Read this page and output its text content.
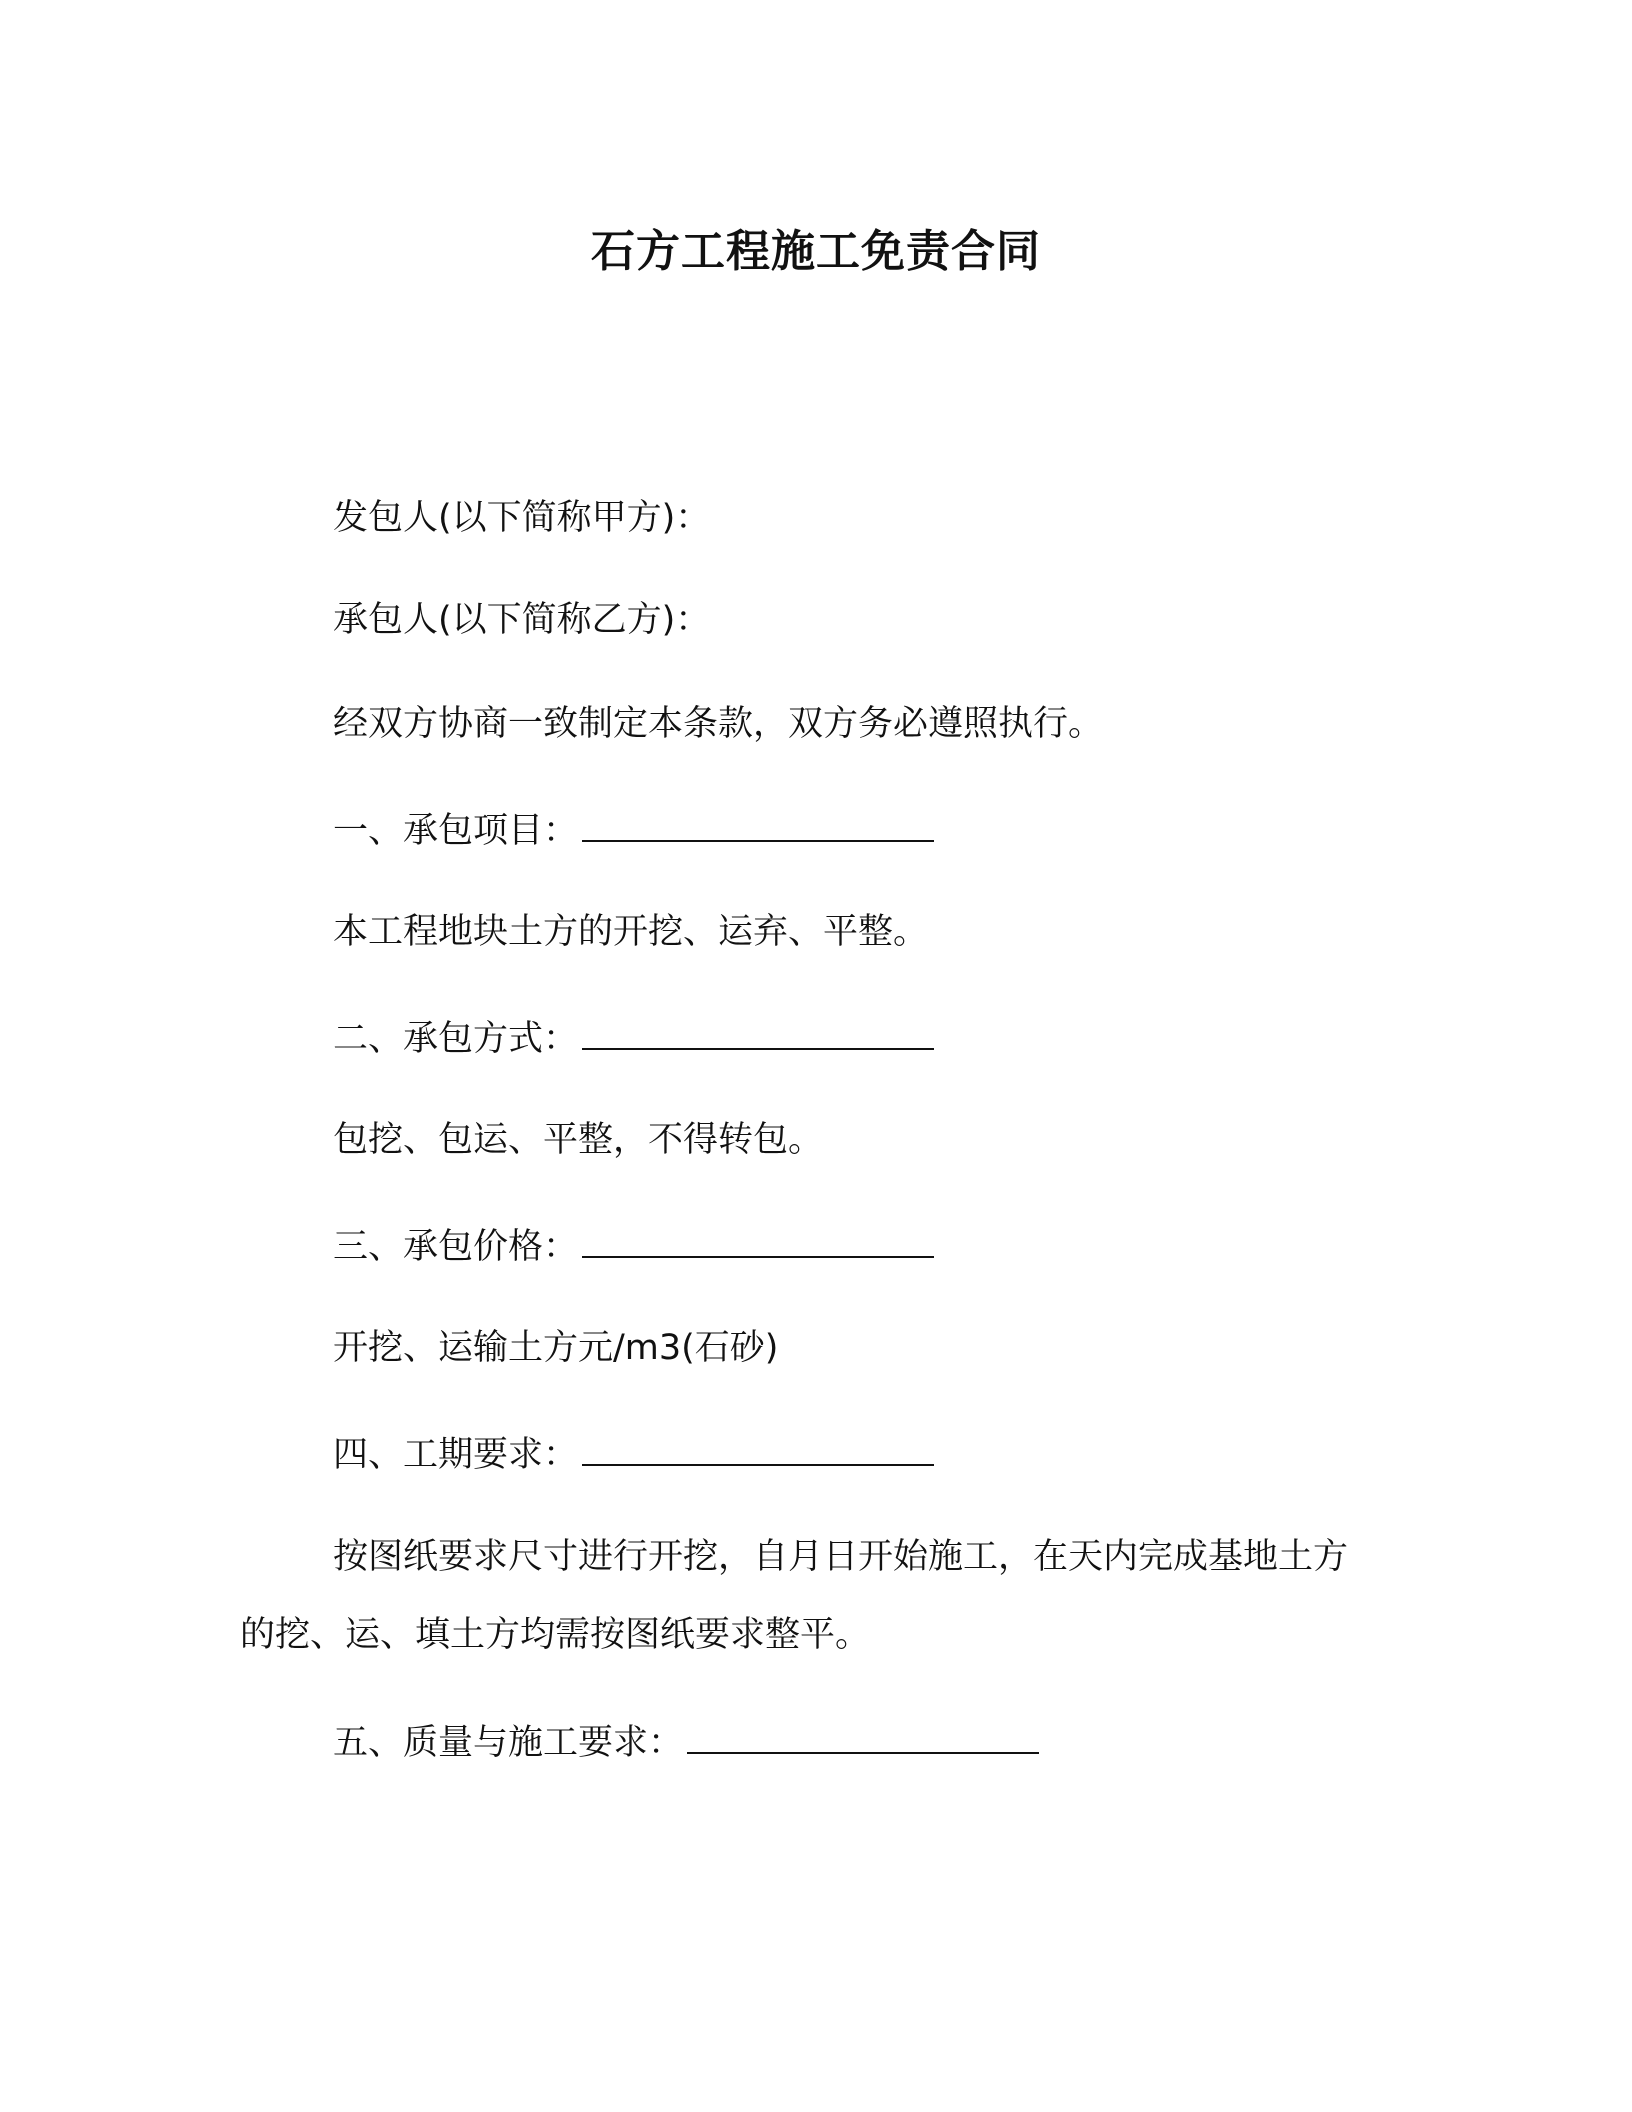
石方工程施工免责合同
发包人(以下简称甲方)：
承包人(以下简称乙方)：
经双方协商一致制定本条款，双方务必遵照执行。
一、承包项目：
本工程地块土方的开挖、运弃、平整。
二、承包方式：
包挖、包运、平整，不得转包。
三、承包价格：
开挖、运输土方元/m3(石砂)
四、工期要求：
按图纸要求尺寸进行开挖，自月日开始施工，在天内完成基地土方的挖、运、填土方均需按图纸要求整平。
五、质量与施工要求：
